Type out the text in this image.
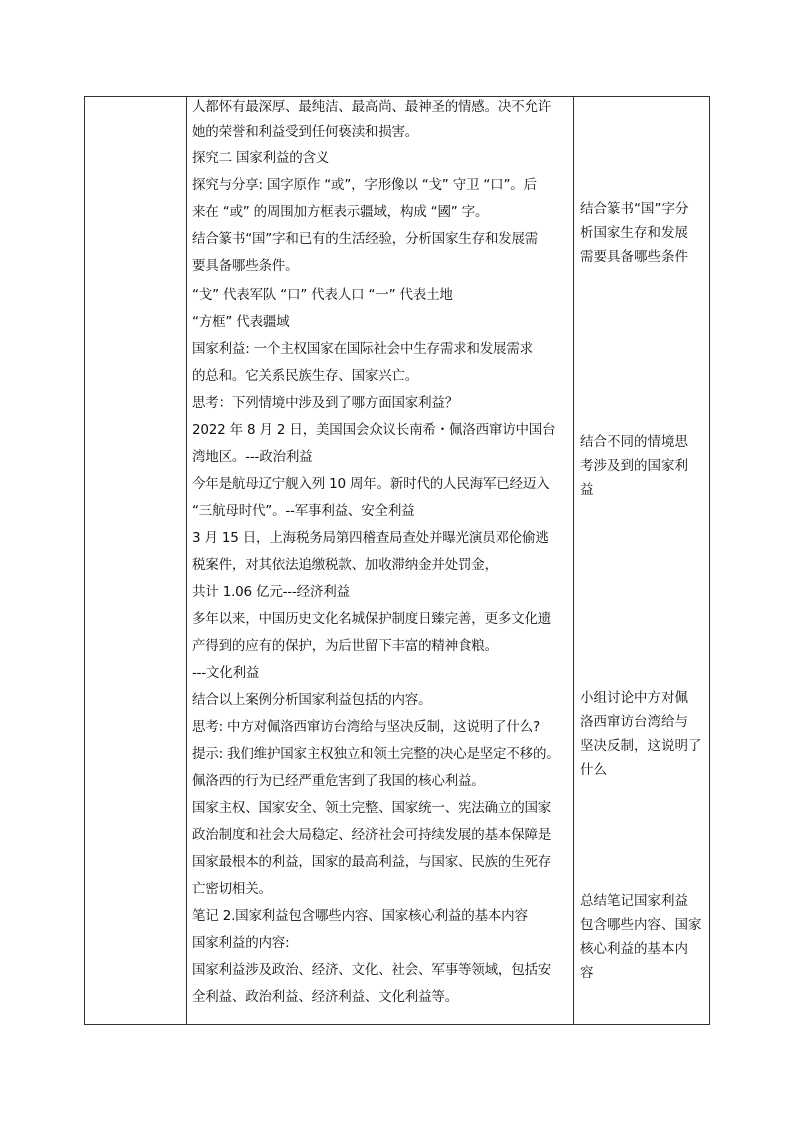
人都怀有最深厚、最纯洁、最高尚、最神圣的情感。决不允许
她的荣誉和利益受到任何亵渎和损害。
探究二 国家利益的含义
探究与分享: 国字原作 “或”，字形像以 “戈” 守卫 “口”。后
来在 “或” 的周围加方框表示疆域，构成 “國” 字。
结合篆书“国”字和已有的生活经验，分析国家生存和发展需
要具备哪些条件。
“戈” 代表军队 “口” 代表人口 “一” 代表土地
“方框” 代表疆域
国家利益: 一个主权国家在国际社会中生存需求和发展需求
的总和。它关系民族生存、国家兴亡。
思考：下列情境中涉及到了哪方面国家利益？
2022 年 8 月 2 日，美国国会众议长南希・佩洛西窜访中国台
湾地区。---政治利益
今年是航母辽宁舰入列 10 周年。新时代的人民海军已经迈入
“三航母时代”。--军事利益、安全利益
3 月 15 日，上海税务局第四稽查局查处并曝光演员邓伦偷逃
税案件，对其依法追缴税款、加收滞纳金并处罚金，
共计 1.06 亿元---经济利益
多年以来，中国历史文化名城保护制度日臻完善，更多文化遗
产得到的应有的保护，为后世留下丰富的精神食粮。
---文化利益
结合以上案例分析国家利益包括的内容。
思考: 中方对佩洛西窜访台湾给与坚决反制，这说明了什么?
提示: 我们维护国家主权独立和领土完整的决心是坚定不移的。
佩洛西的行为已经严重危害到了我国的核心利益。
国家主权、国家安全、领土完整、国家统一、宪法确立的国家
政治制度和社会大局稳定、经济社会可持续发展的基本保障是
国家最根本的利益，国家的最高利益，与国家、民族的生死存
亡密切相关。
笔记 2.国家利益包含哪些内容、国家核心利益的基本内容
国家利益的内容:
国家利益涉及政治、经济、文化、社会、军事等领域，包括安
全利益、政治利益、经济利益、文化利益等。
结合篆书“国”字分
析国家生存和发展
需要具备哪些条件
结合不同的情境思
考涉及到的国家利
益
小组讨论中方对佩
洛西窜访台湾给与
坚决反制，这说明了
什么
总结笔记国家利益
包含哪些内容、国家
核心利益的基本内
容
